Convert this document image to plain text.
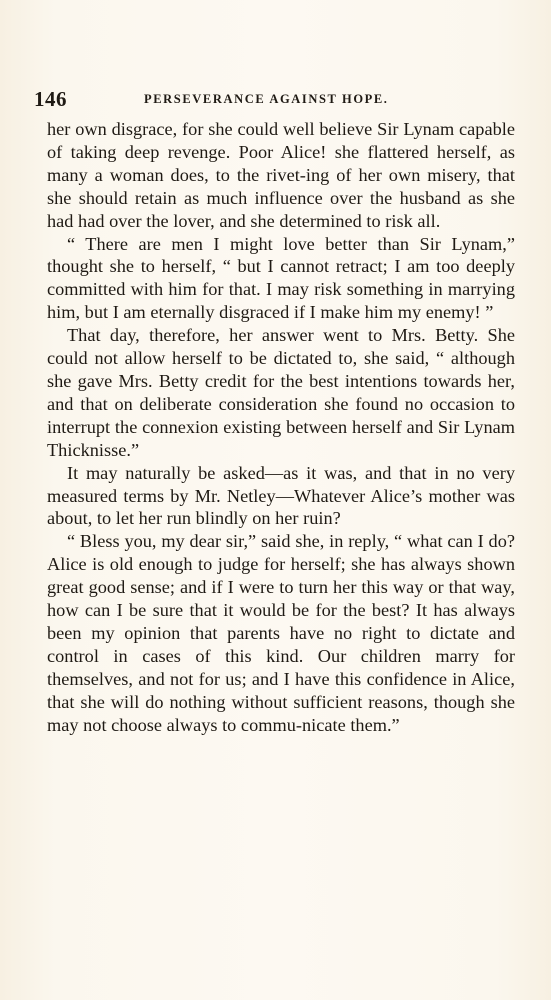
146	PERSEVERANCE AGAINST HOPE.

her own disgrace, for she could well believe Sir Lynam capable of taking deep revenge. Poor Alice! she flattered herself, as many a woman does, to the rivet-ing of her own misery, that she should retain as much influence over the husband as she had had over the lover, and she determined to risk all.

“ There are men I might love better than Sir Lynam,” thought she to herself, “ but I cannot retract; I am too deeply committed with him for that. I may risk something in marrying him, but I am eternally disgraced if I make him my enemy! ”

That day, therefore, her answer went to Mrs. Betty. She could not allow herself to be dictated to, she said, “ although she gave Mrs. Betty credit for the best intentions towards her, and that on deliberate consideration she found no occasion to interrupt the connexion existing between herself and Sir Lynam Thicknisse.”

It may naturally be asked—as it was, and that in no very measured terms by Mr. Netley—Whatever Alice’s mother was about, to let her run blindly on her ruin?

“ Bless you, my dear sir,” said she, in reply, “ what can I do? Alice is old enough to judge for herself; she has always shown great good sense; and if I were to turn her this way or that way, how can I be sure that it would be for the best? It has always been my opinion that parents have no right to dictate and control in cases of this kind. Our children marry for themselves, and not for us; and I have this confidence in Alice, that she will do nothing without sufficient reasons, though she may not choose always to commu-nicate them.”
